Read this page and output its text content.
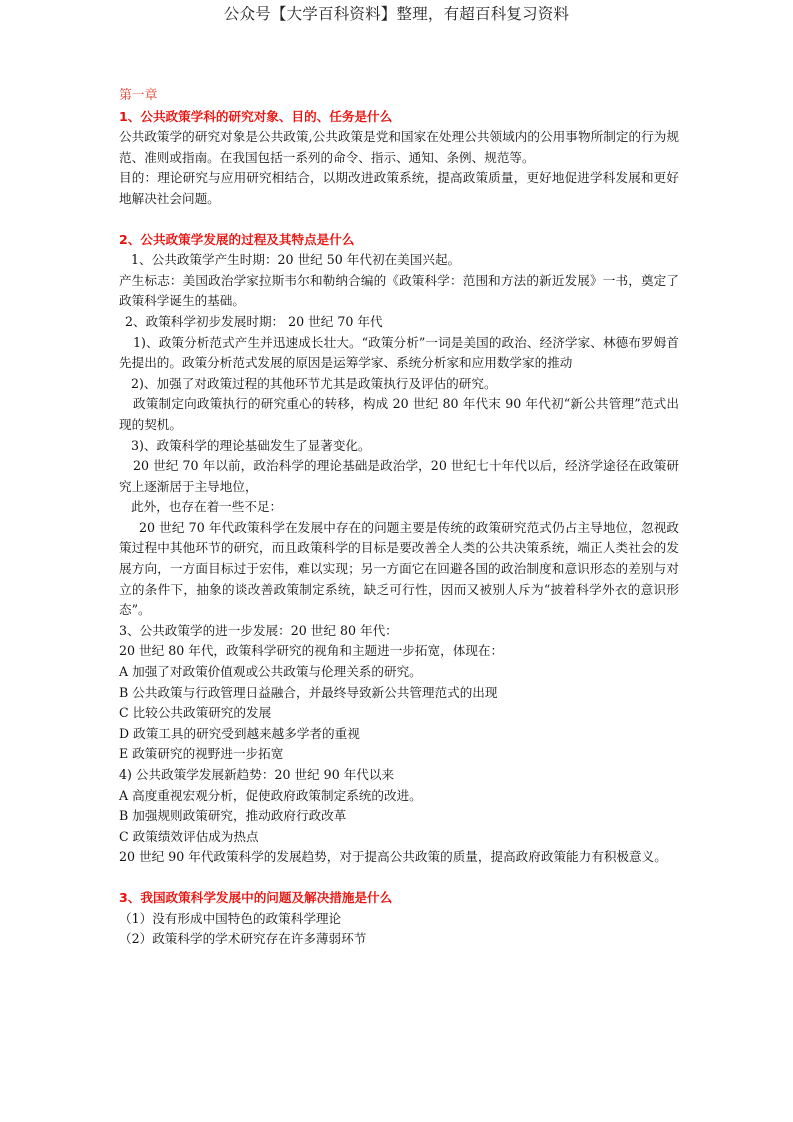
公众号【大学百科资料】整理，有超百科复习资料
第一章
1、公共政策学科的研究对象、目的、任务是什么

公共政策学的研究对象是公共政策,公共政策是党和国家在处理公共领域内的公用事物所制定的行为规范、准则或指南。在我国包括一系列的命令、指示、通知、条例、规范等。

目的：理论研究与应用研究相结合，以期改进政策系统，提高政策质量，更好地促进学科发展和更好地解决社会问题。

2、公共政策学发展的过程及其特点是什么

1、公共政策学产生时期：20 世纪 50 年代初在美国兴起。

产生标志：美国政治学家拉斯韦尔和勒纳合编的《政策科学：范围和方法的新近发展》一书，奠定了政策科学诞生的基础。

2、政策科学初步发展时期： 20 世纪 70 年代

1)、政策分析范式产生并迅速成长壮大。“政策分析”一词是美国的政治、经济学家、林德布罗姆首先提出的。政策分析范式发展的原因是运筹学家、系统分析家和应用数学家的推动

2)、加强了对政策过程的其他环节尤其是政策执行及评估的研究。

政策制定向政策执行的研究重心的转移，构成 20 世纪 80 年代末 90 年代初“新公共管理”范式出现的契机。

3)、政策科学的理论基础发生了显著变化。

20 世纪 70 年以前，政治科学的理论基础是政治学，20 世纪七十年代以后，经济学途径在政策研究上逐渐居于主导地位，

此外，也存在着一些不足：

20 世纪 70 年代政策科学在发展中存在的问题主要是传统的政策研究范式仍占主导地位，忽视政策过程中其他环节的研究，而且政策科学的目标是要改善全人类的公共决策系统，端正人类社会的发展方向，一方面目标过于宏伟，难以实现；另一方面它在回避各国的政治制度和意识形态的差别与对立的条件下，抽象的谈改善政策制定系统，缺乏可行性，因而又被别人斥为“披着科学外衣的意识形态”。

3、公共政策学的进一步发展：20 世纪 80 年代：

20 世纪 80 年代，政策科学研究的视角和主题进一步拓宽，体现在：

A 加强了对政策价值观或公共政策与伦理关系的研究。

B 公共政策与行政管理日益融合，并最终导致新公共管理范式的出现

C 比较公共政策研究的发展

D 政策工具的研究受到越来越多学者的重视

E 政策研究的视野进一步拓宽

4) 公共政策学发展新趋势：20 世纪 90 年代以来

A 高度重视宏观分析，促使政府政策制定系统的改进。

B 加强规则政策研究，推动政府行政改革

C 政策绩效评估成为热点

20 世纪 90 年代政策科学的发展趋势，对于提高公共政策的质量，提高政府政策能力有积极意义。

3、我国政策科学发展中的问题及解决措施是什么

（1）没有形成中国特色的政策科学理论

（2）政策科学的学术研究存在许多薄弱环节
